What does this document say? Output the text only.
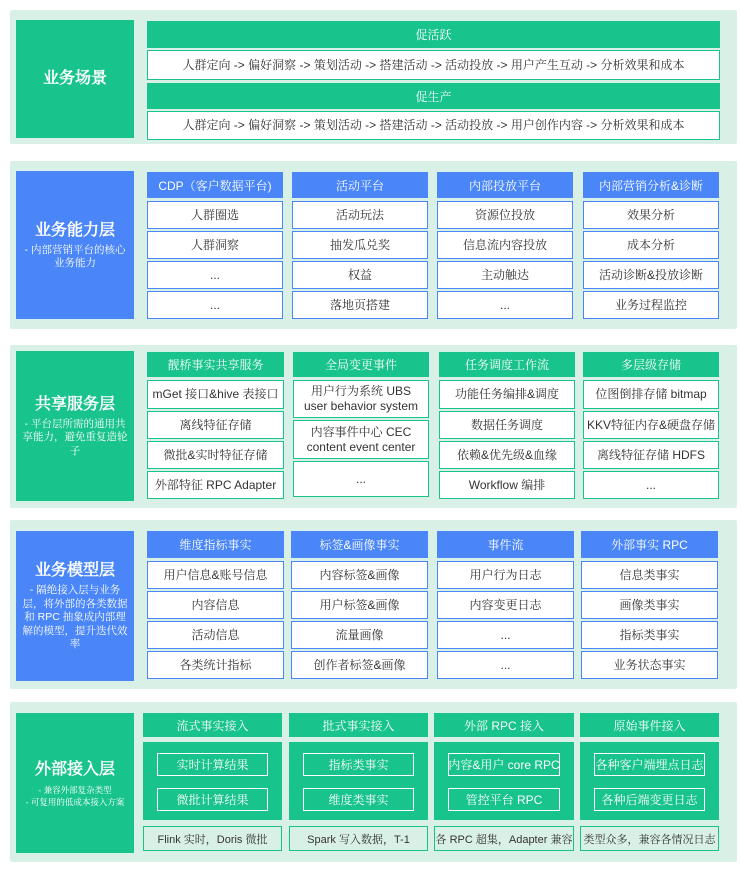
业务场景
促活跃
人群定向 -> 偏好洞察 -> 策划活动 -> 搭建活动 -> 活动投放 -> 用户产生互动 -> 分析效果和成本
促生产
人群定向 -> 偏好洞察 -> 策划活动 -> 搭建活动 -> 活动投放 -> 用户创作内容 -> 分析效果和成本
业务能力层
- 内部营销平台的核心业务能力
共享服务层
- 平台层所需的通用共享能力，避免重复造轮子
业务模型层
- 隔绝接入层与业务层，将外部的各类数据和 RPC 抽象成内部理解的模型，提升迭代效率
外部接入层
- 兼容外部复杂类型
- 可复用的低成本接入方案
CDP（客户数据平台)
人群圈选
人群洞察
...
...
活动平台
活动玩法
抽发瓜兑奖
权益
落地页搭建
内部投放平台
资源位投放
信息流内容投放
主动触达
...
内部营销分析&诊断
效果分析
成本分析
活动诊断&投放诊断
业务过程监控
靓桥事实共享服务
mGet 接口&hive 表接口
离线特征存储
微批&实时特征存储
外部特征 RPC Adapter
全局变更事件
用户行为系统 UBS
user behavior system
内容事件中心 CEC
content event center
...
任务调度工作流
功能任务编排&调度
数据任务调度
依赖&优先级&血缘
Workflow 编排
多层级存储
位图倒排存储 bitmap
KKV特征内存&硬盘存储
离线特征存储 HDFS
...
维度指标事实
用户信息&账号信息
内容信息
活动信息
各类统计指标
标签&画像事实
内容标签&画像
用户标签&画像
流量画像
创作者标签&画像
事件流
用户行为日志
内容变更日志
...
...
外部事实 RPC
信息类事实
画像类事实
指标类事实
业务状态事实
流式事实接入
实时计算结果
微批计算结果
Flink 实时，Doris 微批
批式事实接入
指标类事实
维度类事实
Spark 写入数据，T-1
外部 RPC 接入
内容&用户 core RPC
管控平台 RPC
各 RPC 超集，Adapter 兼容
原始事件接入
各种客户端埋点日志
各种后端变更日志
类型众多，兼容各情况日志
